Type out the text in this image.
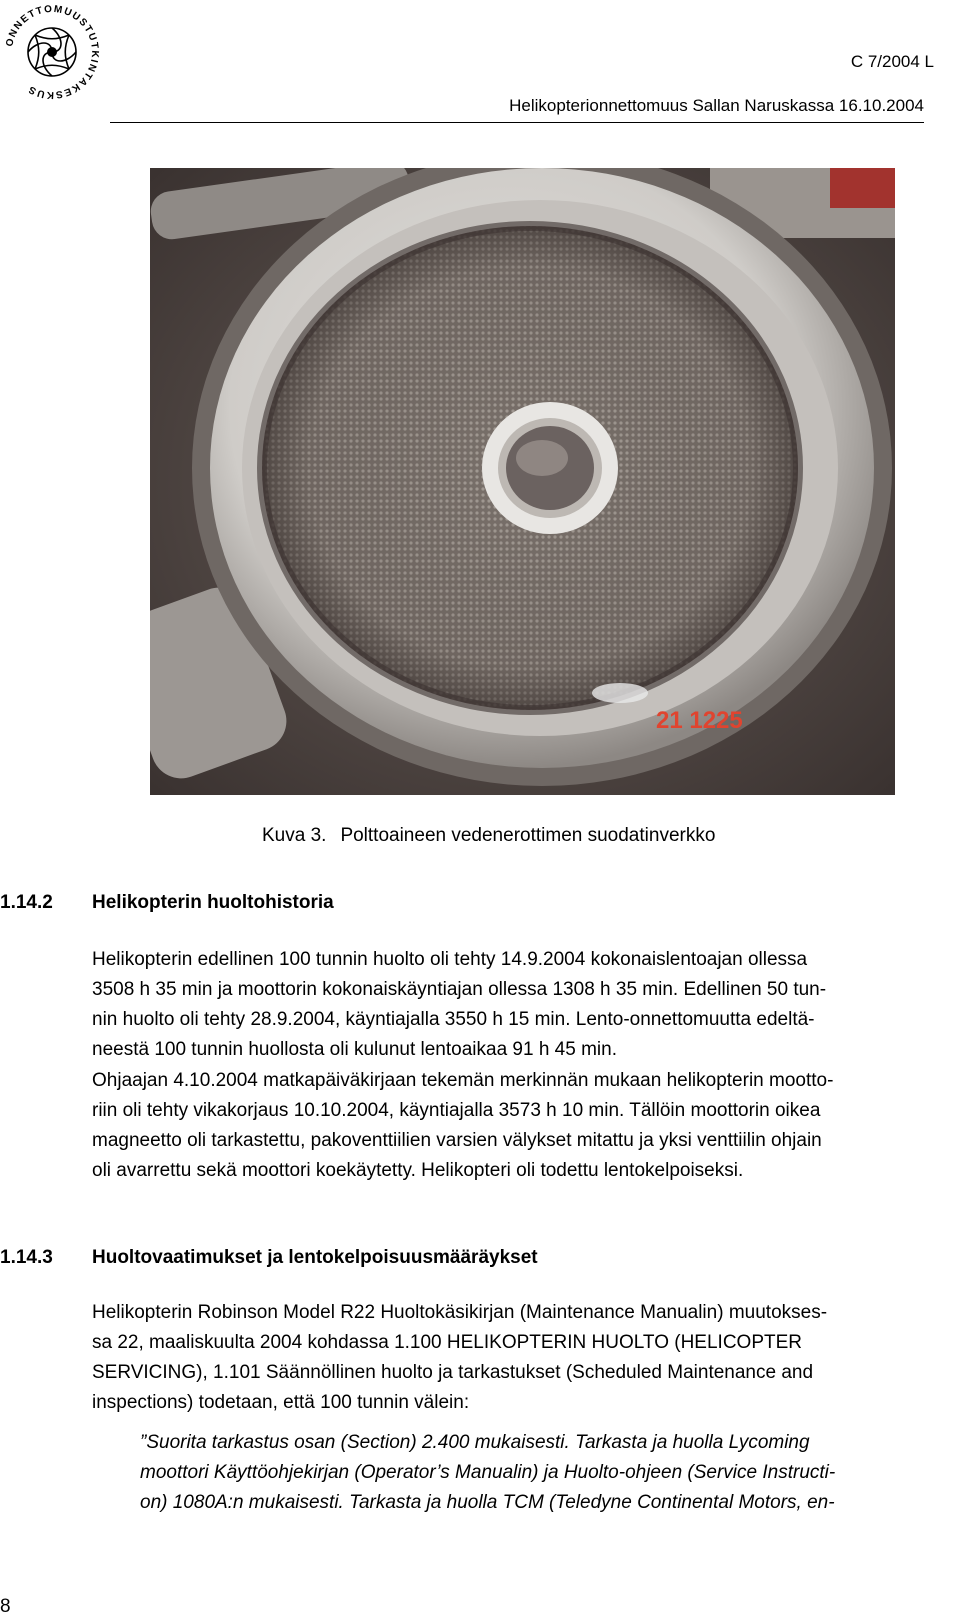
ONNETTOMUUSTUTKINTAKESKUS
C 7/2004 L
Helikopterionnettomuus Sallan Naruskassa 16.10.2004
21 1225
Kuva 3. Polttoaineen vedenerottimen suodatinverkko
1.14.2 Helikopterin huoltohistoria
Helikopterin edellinen 100 tunnin huolto oli tehty 14.9.2004 kokonaislentoajan ollessa
3508 h 35 min ja moottorin kokonaiskäyntiajan ollessa 1308 h 35 min. Edellinen 50 tun-
nin huolto oli tehty 28.9.2004, käyntiajalla 3550 h 15 min. Lento-onnettomuutta edeltä-
neestä 100 tunnin huollosta oli kulunut lentoaikaa 91 h 45 min.
Ohjaajan 4.10.2004 matkapäiväkirjaan tekemän merkinnän mukaan helikopterin mootto-
riin oli tehty vikakorjaus 10.10.2004, käyntiajalla 3573 h 10 min. Tällöin moottorin oikea
magneetto oli tarkastettu, pakoventtiilien varsien välykset mitattu ja yksi venttiilin ohjain
oli avarrettu sekä moottori koekäytetty. Helikopteri oli todettu lentokelpoiseksi.
1.14.3 Huoltovaatimukset ja lentokelpoisuusmääräykset
Helikopterin Robinson Model R22 Huoltokäsikirjan (Maintenance Manualin) muutokses-
sa 22, maaliskuulta 2004 kohdassa 1.100 HELIKOPTERIN HUOLTO (HELICOPTER
SERVICING), 1.101 Säännöllinen huolto ja tarkastukset (Scheduled Maintenance and
inspections) todetaan, että 100 tunnin välein:
”Suorita tarkastus osan (Section) 2.400 mukaisesti. Tarkasta ja huolla Lycoming
moottori Käyttöohjekirjan (Operator’s Manualin) ja Huolto-ohjeen (Service Instructi-
on) 1080A:n mukaisesti. Tarkasta ja huolla TCM (Teledyne Continental Motors, en-
8
